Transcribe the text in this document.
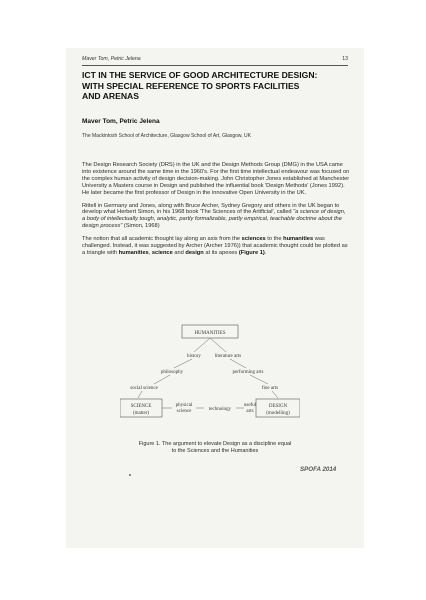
Maver Tom, Petric Jelena	13
ICT IN THE SERVICE OF GOOD ARCHITECTURE DESIGN:
WITH SPECIAL REFERENCE TO SPORTS FACILITIES
AND ARENAS
Maver Tom, Petric Jelena
The Mackintosh School of Architecture, Glasgow School of Art, Glasgow, UK

The Design Research Society (DRS) in the UK and the Design Methods Group (DMG) in the USA came into existence around the same time in the 1960's. For the first time intellectual endeavour was focused on the complex human activity of design decision-making. John Christopher Jones established at Manchester University a Masters course in Design and published the influential book 'Design Methods' (Jones 1992). He later became the first professor of Design in the innovative Open University in the UK.

Rittell in Germany and Jones, along with Bruce Archer, Sydney Gregory and others in the UK began to develop what Herbert Simon, in his 1968 book 'The Sciences of the Artificial', called "a science of design, a body of intellectually tough, analytic, partly formalizable, partly empirical, teachable doctrine about the design process" (Simon, 1968)

The notion that all academic thought lay along an axis from the sciences to the humanities was challenged. Instead, it was suggested by Archer (Archer 1976)) that academic thought could be plotted as a triangle with humanities, science and design at its apexes (Figure 1).

HUMANITIES
history	literature arts
philosophy	performing arts
social science	fine arts
SCIENCE
(matter)
DESIGN
(modelling)
physical
science	technology
useful
arts
Figure 1. The argument to elevate Design as a discipline equal
to the Sciences and the Humanities
SPOFA 2014
